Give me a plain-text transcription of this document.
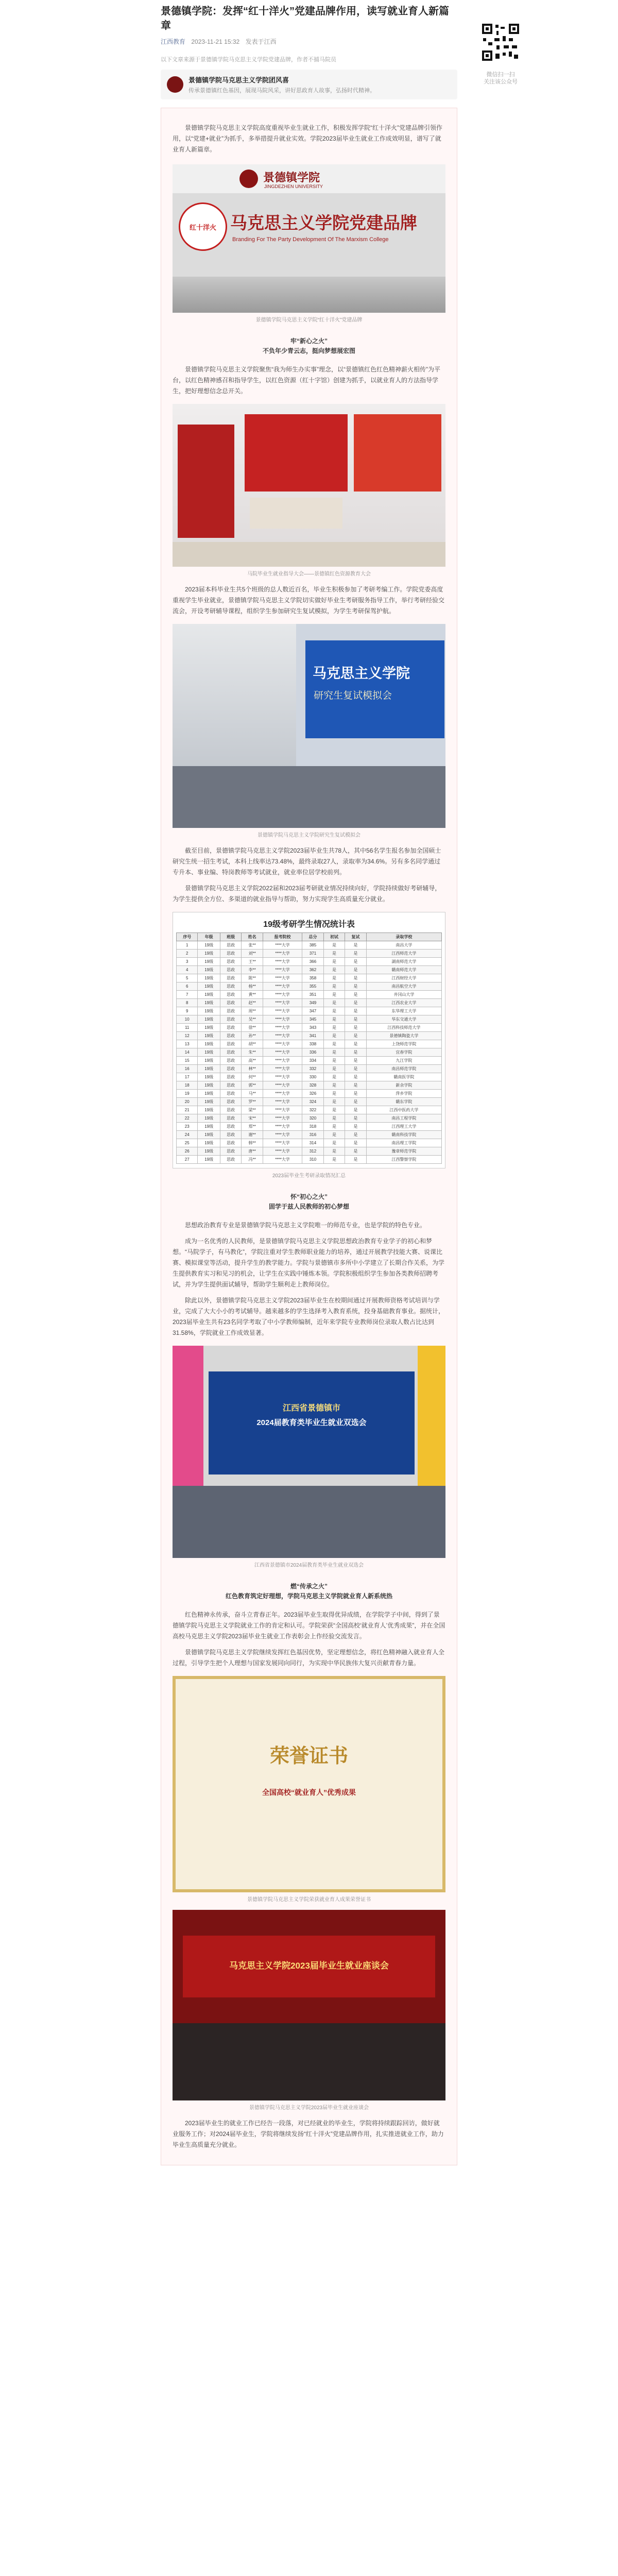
景德镇学院：发挥“红十洋火”党建品牌作用，读写就业育人新篇章
江西教育 2023-11-21 15:32 发表于江西
以下文章来源于景德镇学院马克思主义学院党建品牌，作者不捕马院员
景德镇学院马克思主义学院团风喜
传承景德镇红色基因，展现马院风采，讲好思政育人故事，弘扬时代精神。

景德镇学院马克思主义学院高度重视毕业生就业工作，积极发挥学院“红十洋火”党建品牌引领作用，以“党建+就业”为抓手，多举措提升就业实效。学院2023届毕业生就业工作成效明显，谱写了就业育人新篇章。

景德镇学院
JINGDEZHEN UNIVERSITY
红十洋火 马克思主义学院党建品牌
Branding For The Party Development Of The Marxism College
景德镇学院马克思主义学院“红十洋火”党建品牌
牢“新心之火”
不负年少青云志，挺向梦想展宏图

景德镇学院马克思主义学院聚焦“我为师生办实事”理念，以“景德镇红色红色精神薪火相传”为平台，以红色精神感召和指导学生，以红色资源（红十字馆）创建为抓手，以就业育人的方法指导学生，把好理想信念总开关。

马院毕业生就业指导大会——景德镇红色资源教育大会

2023届本科毕业生共5个班级的总人数近百名，毕业生积极参加了考研考编工作。学院党委高度重视学生毕业就业，景德镇学院马克思主义学院切实做好毕业生考研服务指导工作，举行考研经验交流会，开设考研辅导课程，组织学生参加研究生复试模拟，为学生考研保驾护航。

马克思主义学院
研究生复试模拟会
景德镇学院马克思主义学院研究生复试模拟会

截至目前，景德镇学院马克思主义学院2023届毕业生共78人，其中56名学生报名参加全国硕士研究生统一招生考试，本科上线率达73.48%，最终录取27人，录取率为34.6%。另有多名同学通过专升本、事业编、特岗教师等考试就业，就业率位居学校前列。

景德镇学院马克思主义学院2022届和2023届考研就业情况持续向好，学院持续做好考研辅导，为学生提供全方位、多渠道的就业指导与帮助，努力实现学生高质量充分就业。

19级考研学生情况统计表
序号	年级	班级	姓名	报考院校	总分	初试	复试	录取学校
1	19级	思政	张**	****大学	385	是	是	南昌大学
2	19级	思政	刘**	****大学	371	是	是	江西师范大学
3	19级	思政	王**	****大学	366	是	是	湖南师范大学
4	19级	思政	李**	****大学	362	是	是	赣南师范大学
5	19级	思政	陈**	****大学	358	是	是	江西财经大学
6	19级	思政	杨**	****大学	355	是	是	南昌航空大学
7	19级	思政	黄**	****大学	351	是	是	井冈山大学
8	19级	思政	赵**	****大学	349	是	是	江西农业大学
9	19级	思政	周**	****大学	347	是	是	东华理工大学
10	19级	思政	吴**	****大学	345	是	是	华东交通大学
11	19级	思政	徐**	****大学	343	是	是	江西科技师范大学
12	19级	思政	孙**	****大学	341	是	是	景德镇陶瓷大学
13	19级	思政	胡**	****大学	338	是	是	上饶师范学院
14	19级	思政	朱**	****大学	336	是	是	宜春学院
15	19级	思政	高**	****大学	334	是	是	九江学院
16	19级	思政	林**	****大学	332	是	是	南昌师范学院
17	19级	思政	何**	****大学	330	是	是	赣南医学院
18	19级	思政	郭**	****大学	328	是	是	新余学院
19	19级	思政	马**	****大学	326	是	是	萍乡学院
20	19级	思政	罗**	****大学	324	是	是	赣东学院
21	19级	思政	梁**	****大学	322	是	是	江西中医药大学
22	19级	思政	宋**	****大学	320	是	是	南昌工程学院
23	19级	思政	郑**	****大学	318	是	是	江西理工大学
24	19级	思政	谢**	****大学	316	是	是	赣南科技学院
25	19级	思政	韩**	****大学	314	是	是	南昌理工学院
26	19级	思政	唐**	****大学	312	是	是	豫章师范学院
27	19级	思政	冯**	****大学	310	是	是	江西警察学院
2023届毕业生考研录取情况汇总
怀“初心之火”
固学于兹人民教师的初心梦想

思想政治教育专业是景德镇学院马克思主义学院唯一的师范专业，也是学院的特色专业。

成为一名优秀的人民教师，是景德镇学院马克思主义学院思想政治教育专业学子的初心和梦想。“马院学子，有马教化”，学院注重对学生教师职业能力的培养，通过开展教学技能大赛、说课比赛、模拟课堂等活动，提升学生的教学能力。学院与景德镇市多所中小学建立了长期合作关系，为学生提供教育实习和见习的机会，让学生在实践中锤炼本领。学院积极组织学生参加各类教师招聘考试，并为学生提供面试辅导，帮助学生顺利走上教师岗位。

除此以外，景德镇学院马克思主义学院2023届毕业生在校期间通过开展教师资格考试培训与学业，完成了大大小小的考试辅导。越来越多的学生选择考入教育系统，投身基础教育事业。据统计，2023届毕业生共有23名同学考取了中小学教师编制，近年来学院专业教师岗位录取人数占比达到31.58%，学院就业工作成效显著。

江西省景德镇市
2024届教育类毕业生就业双选会
江西省景德镇市2024届教育类毕业生就业双选会
燃“传承之火”
红色教育筑定好理想，学院马克思主义学院就业育人新系统热

红色精神永传承，奋斗立青春正年。2023届毕业生取得优异成绩，在学院学子中间，得到了景德镇学院马克思主义学院就业工作的肯定和认可。学院荣获“全国高校‘就业育人’优秀成果”，并在全国高校马克思主义学院2023届毕业生就业工作表彰会上作经验交流发言。

景德镇学院马克思主义学院继续发挥红色基因优势，坚定理想信念，将红色精神融入就业育人全过程，引导学生把个人理想与国家发展同向同行，为实现中华民族伟大复兴贡献青春力量。

荣誉证书
全国高校“就业育人”优秀成果
景德镇学院马克思主义学院荣获就业育人成果荣誉证书
马克思主义学院2023届毕业生就业座谈会
景德镇学院马克思主义学院2023届毕业生就业座谈会

2023届毕业生的就业工作已经告一段落，对已经就业的毕业生，学院将持续跟踪回访，做好就业服务工作；对2024届毕业生，学院将继续发扬“红十洋火”党建品牌作用，扎实推进就业工作，助力毕业生高质量充分就业。

微信扫一扫
关注该公众号
